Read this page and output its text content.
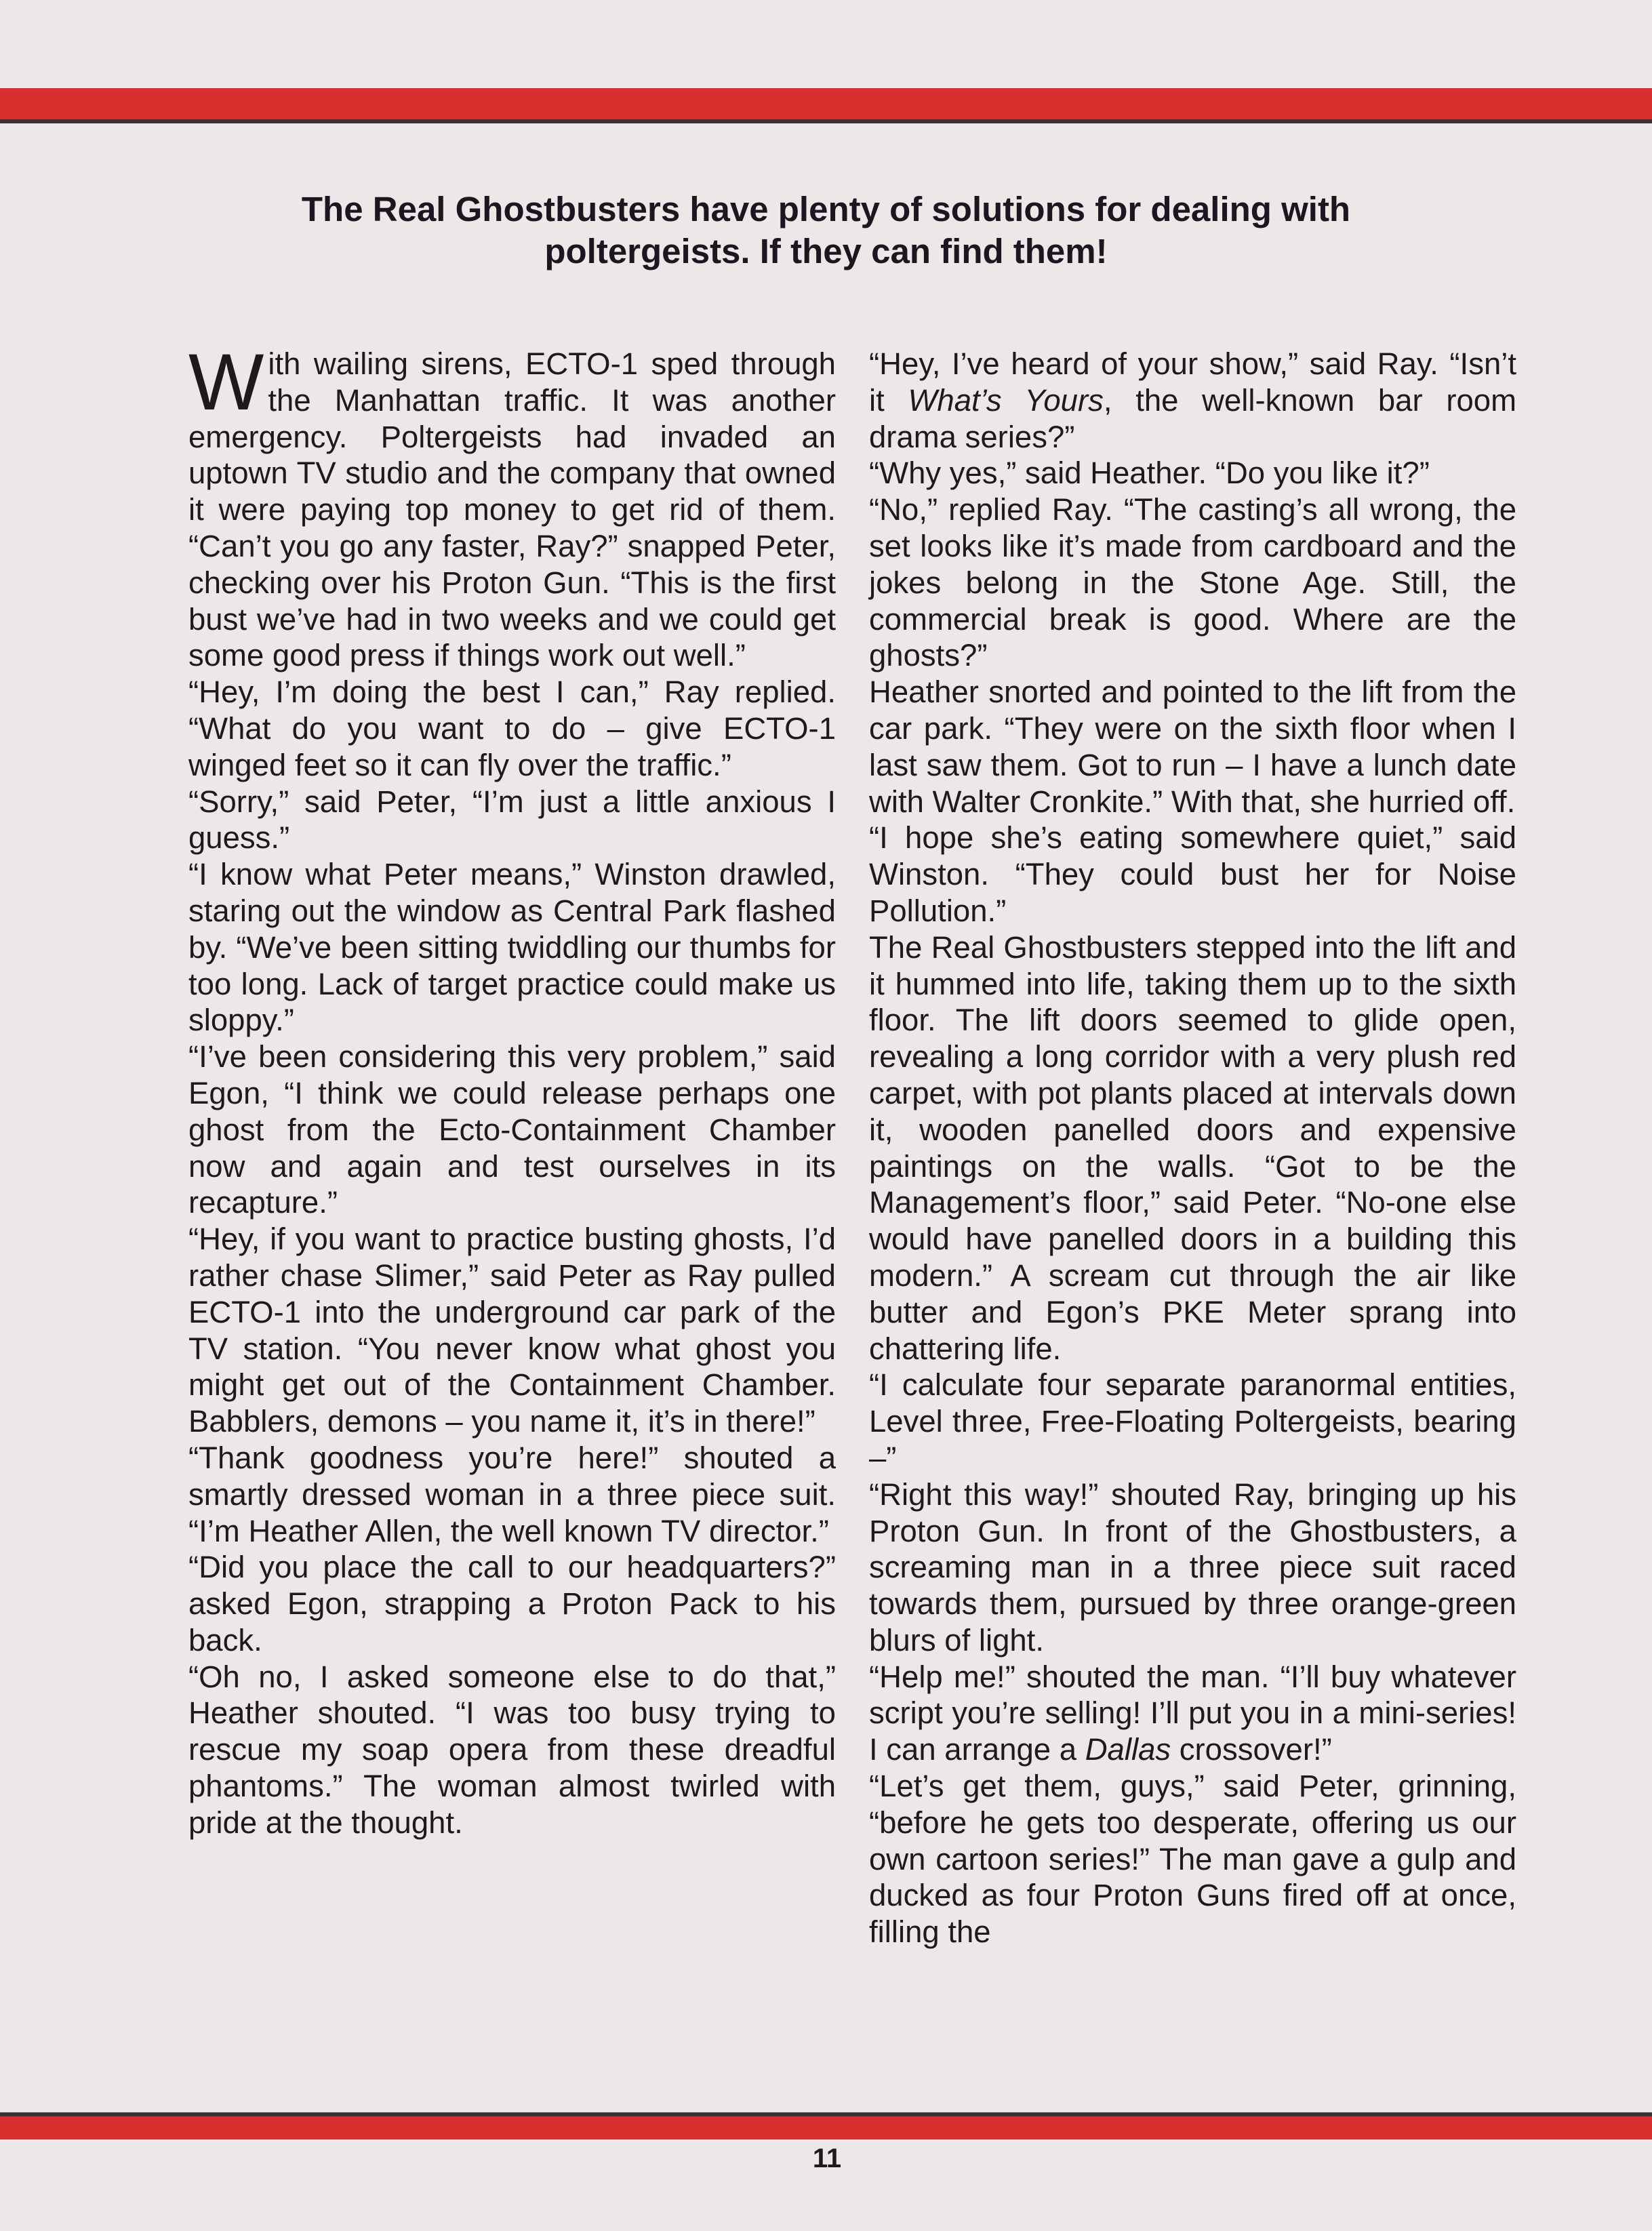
The Real Ghostbusters have plenty of solutions for dealing with
poltergeists. If they can find them!

With wailing sirens, ECTO-1 sped through the Manhattan traffic. It was another emergency. Poltergeists had invaded an uptown TV studio and the company that owned it were paying top money to get rid of them. “Can’t you go any faster, Ray?” snapped Peter, checking over his Proton Gun. “This is the first bust we’ve had in two weeks and we could get some good press if things work out well.”

“Hey, I’m doing the best I can,” Ray replied. “What do you want to do – give ECTO-1 winged feet so it can fly over the traffic.”

“Sorry,” said Peter, “I’m just a little anxious I guess.”

“I know what Peter means,” Winston drawled, staring out the window as Central Park flashed by. “We’ve been sitting twiddling our thumbs for too long. Lack of target practice could make us sloppy.”

“I’ve been considering this very problem,” said Egon, “I think we could release perhaps one ghost from the Ecto-Containment Chamber now and again and test ourselves in its recapture.”

“Hey, if you want to practice busting ghosts, I’d rather chase Slimer,” said Peter as Ray pulled ECTO-1 into the underground car park of the TV station. “You never know what ghost you might get out of the Containment Chamber. Babblers, demons – you name it, it’s in there!”

“Thank goodness you’re here!” shouted a smartly dressed woman in a three piece suit. “I’m Heather Allen, the well known TV director.”

“Did you place the call to our headquarters?” asked Egon, strapping a Proton Pack to his back.

“Oh no, I asked someone else to do that,” Heather shouted. “I was too busy trying to rescue my soap opera from these dreadful phantoms.” The woman almost twirled with pride at the thought.

“Hey, I’ve heard of your show,” said Ray. “Isn’t it What’s Yours, the well-known bar room drama series?”

“Why yes,” said Heather. “Do you like it?”

“No,” replied Ray. “The casting’s all wrong, the set looks like it’s made from cardboard and the jokes belong in the Stone Age. Still, the commercial break is good. Where are the ghosts?”

Heather snorted and pointed to the lift from the car park. “They were on the sixth floor when I last saw them. Got to run – I have a lunch date with Walter Cronkite.” With that, she hurried off.

“I hope she’s eating somewhere quiet,” said Winston. “They could bust her for Noise Pollution.”

The Real Ghostbusters stepped into the lift and it hummed into life, taking them up to the sixth floor. The lift doors seemed to glide open, revealing a long corridor with a very plush red carpet, with pot plants placed at intervals down it, wooden panelled doors and expensive paintings on the walls. “Got to be the Management’s floor,” said Peter. “No-one else would have panelled doors in a building this modern.” A scream cut through the air like butter and Egon’s PKE Meter sprang into chattering life.

“I calculate four separate paranormal entities, Level three, Free-Floating Poltergeists, bearing –”

“Right this way!” shouted Ray, bringing up his Proton Gun. In front of the Ghostbusters, a screaming man in a three piece suit raced towards them, pursued by three orange-green blurs of light.

“Help me!” shouted the man. “I’ll buy whatever script you’re selling! I’ll put you in a mini-series! I can arrange a Dallas crossover!”

“Let’s get them, guys,” said Peter, grinning, “before he gets too desperate, offering us our own cartoon series!” The man gave a gulp and ducked as four Proton Guns fired off at once, filling the

11
